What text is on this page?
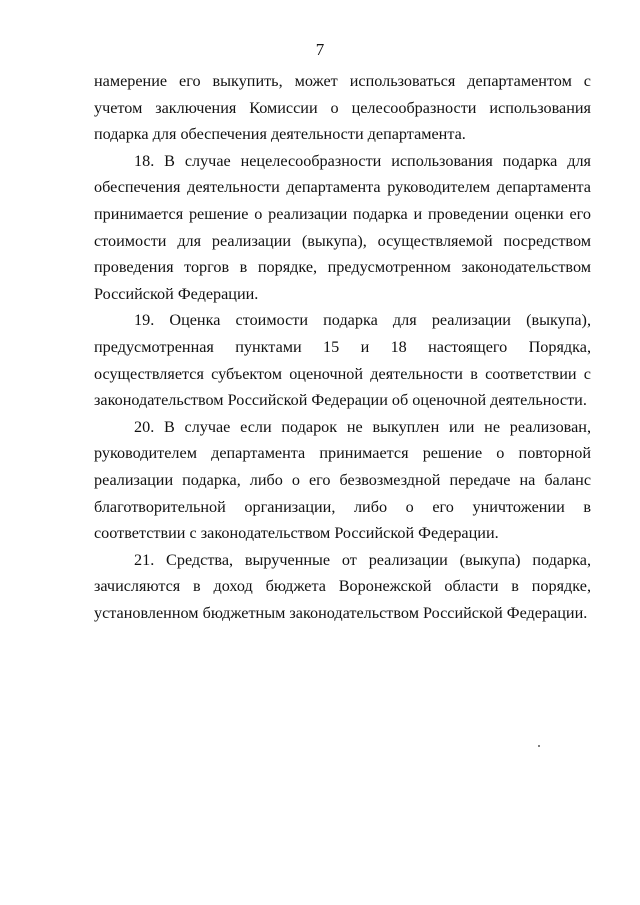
7

намерение его выкупить, может использоваться департаментом с учетом заключения Комиссии о целесообразности использования подарка для обеспечения деятельности департамента.

18. В случае нецелесообразности использования подарка для обеспечения деятельности департамента руководителем департамента принимается решение о реализации подарка и проведении оценки его стоимости для реализации (выкупа), осуществляемой посредством проведения торгов в порядке, предусмотренном законодательством Российской Федерации.

19. Оценка стоимости подарка для реализации (выкупа), предусмотренная пунктами 15 и 18 настоящего Порядка, осуществляется субъектом оценочной деятельности в соответствии с законодательством Российской Федерации об оценочной деятельности.

20. В случае если подарок не выкуплен или не реализован, руководителем департамента принимается решение о повторной реализации подарка, либо о его безвозмездной передаче на баланс благотворительной организации, либо о его уничтожении в соответствии с законодательством Российской Федерации.

21. Средства, вырученные от реализации (выкупа) подарка, зачисляются в доход бюджета Воронежской области в порядке, установленном бюджетным законодательством Российской Федерации.
